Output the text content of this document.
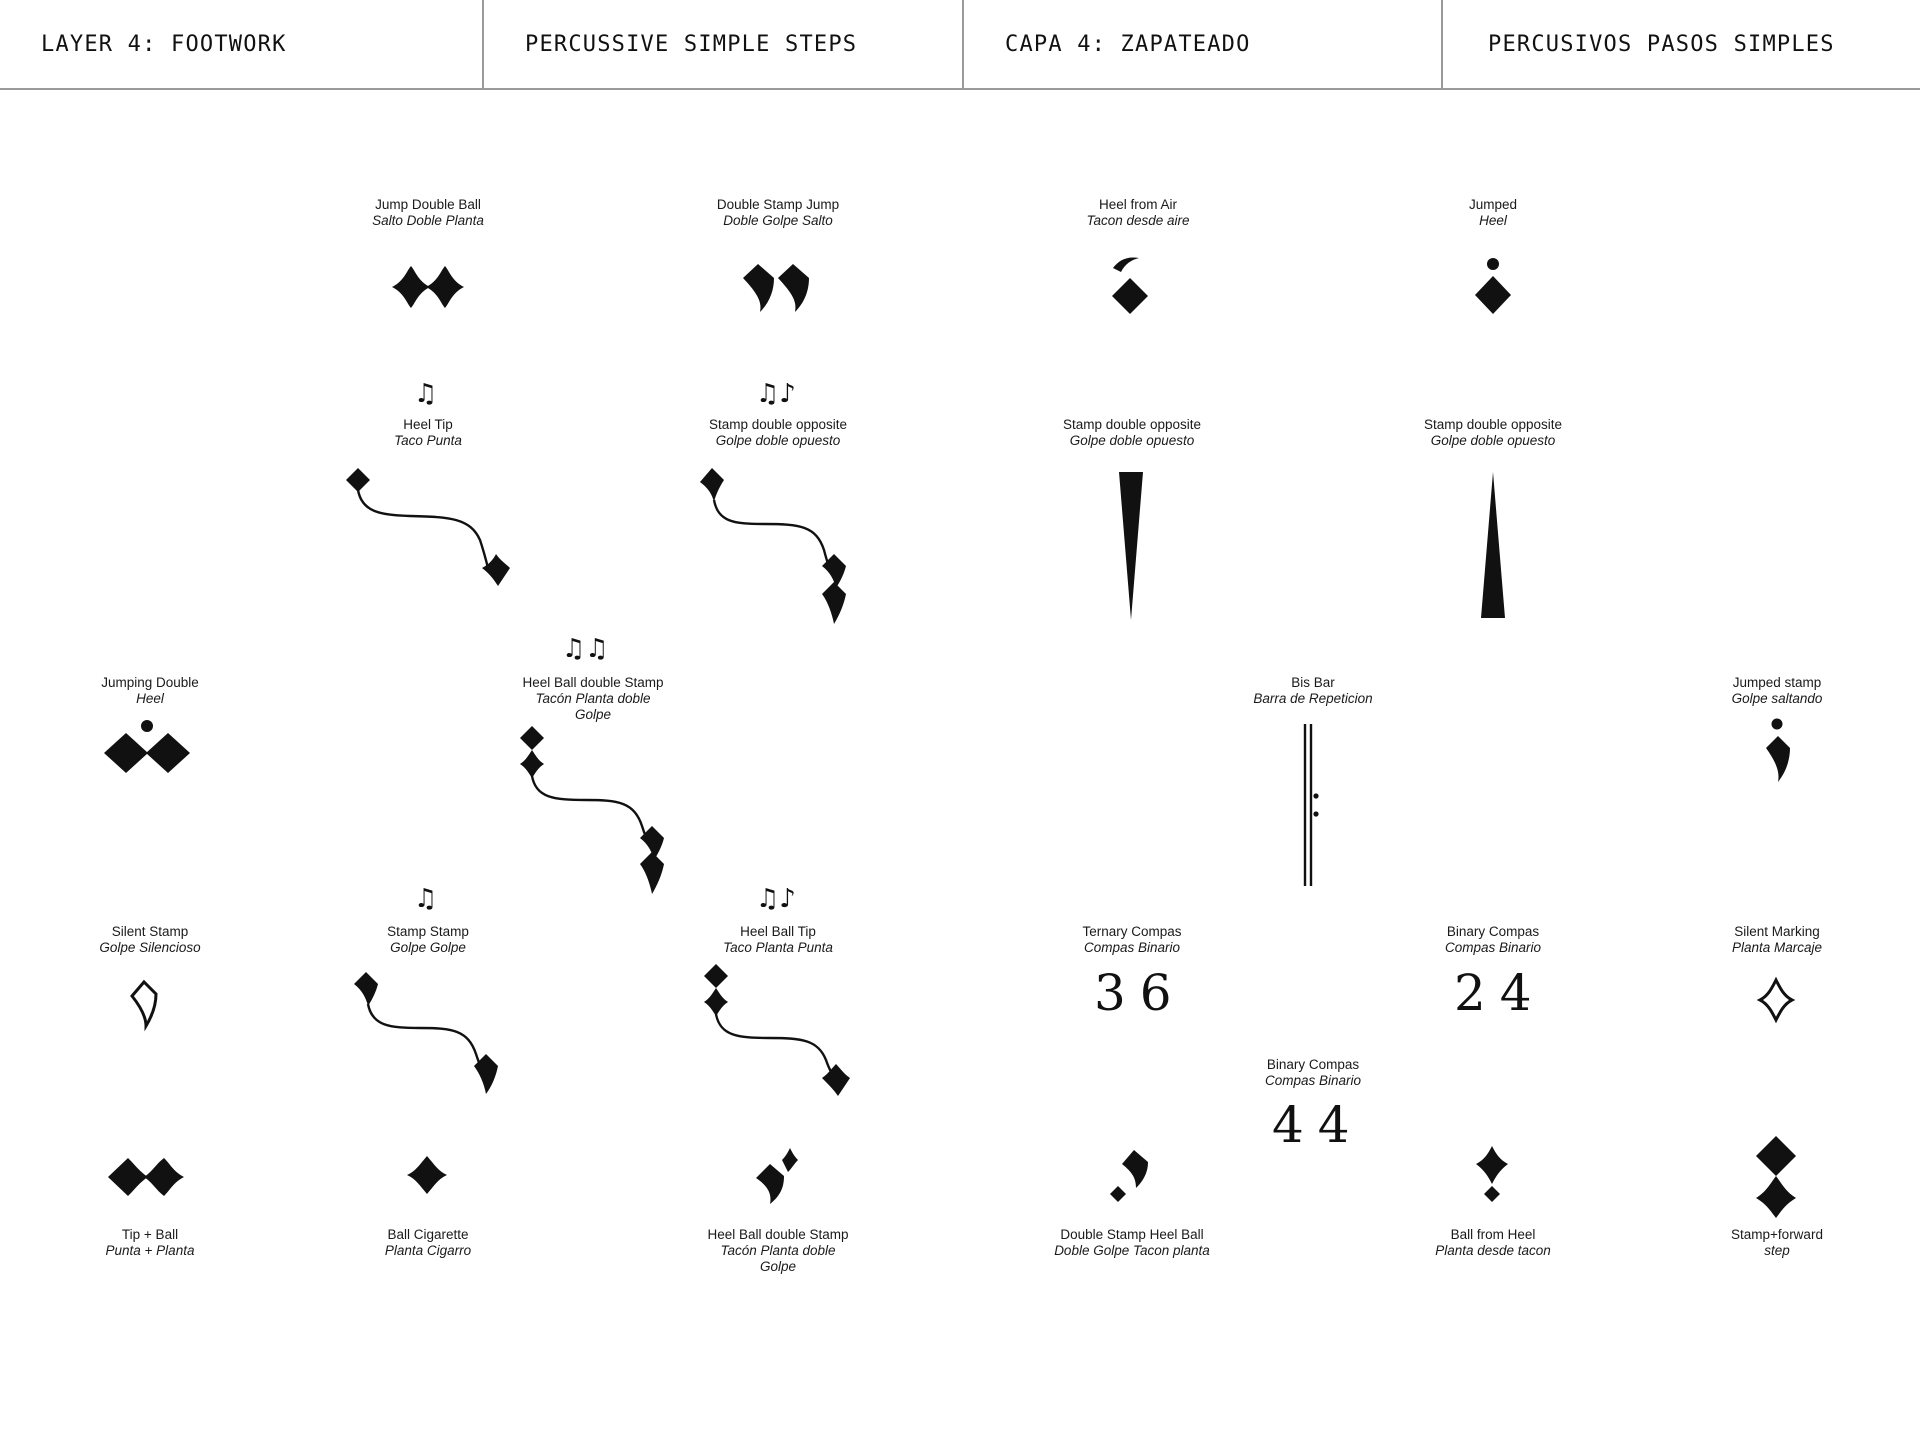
LAYER 4: FOOTWORK	PERCUSSIVE SIMPLE STEPS	CAPA 4: ZAPATEADO	PERCUSIVOS PASOS SIMPLES
Jump Double Ball
Salto Doble Planta
Double Stamp Jump
Doble Golpe Salto
Heel from Air
Tacon desde aire
Jumped
Heel
♫
Heel Tip
Taco Punta
♫♪
Stamp double opposite
Golpe doble opuesto
Stamp double opposite
Golpe doble opuesto
Stamp double opposite
Golpe doble opuesto
Jumping Double
Heel
♫♫
Heel Ball double Stamp
Tacón Planta doble
Golpe
Bis Bar
Barra de Repeticion
Jumped stamp
Golpe saltando
♫	♫♪
Silent Stamp
Golpe Silencioso
Stamp Stamp
Golpe Golpe
Heel Ball Tip
Taco Planta Punta
Ternary Compas
Compas Binario
Binary Compas
Compas Binario
Silent Marking
Planta Marcaje
36	24
Binary Compas
Compas Binario
44
Tip + Ball
Punta + Planta
Ball Cigarette
Planta Cigarro
Heel Ball double Stamp
Tacón Planta doble
Golpe
Double Stamp Heel Ball
Doble Golpe Tacon planta
Ball from Heel
Planta desde tacon
Stamp+forward
step
